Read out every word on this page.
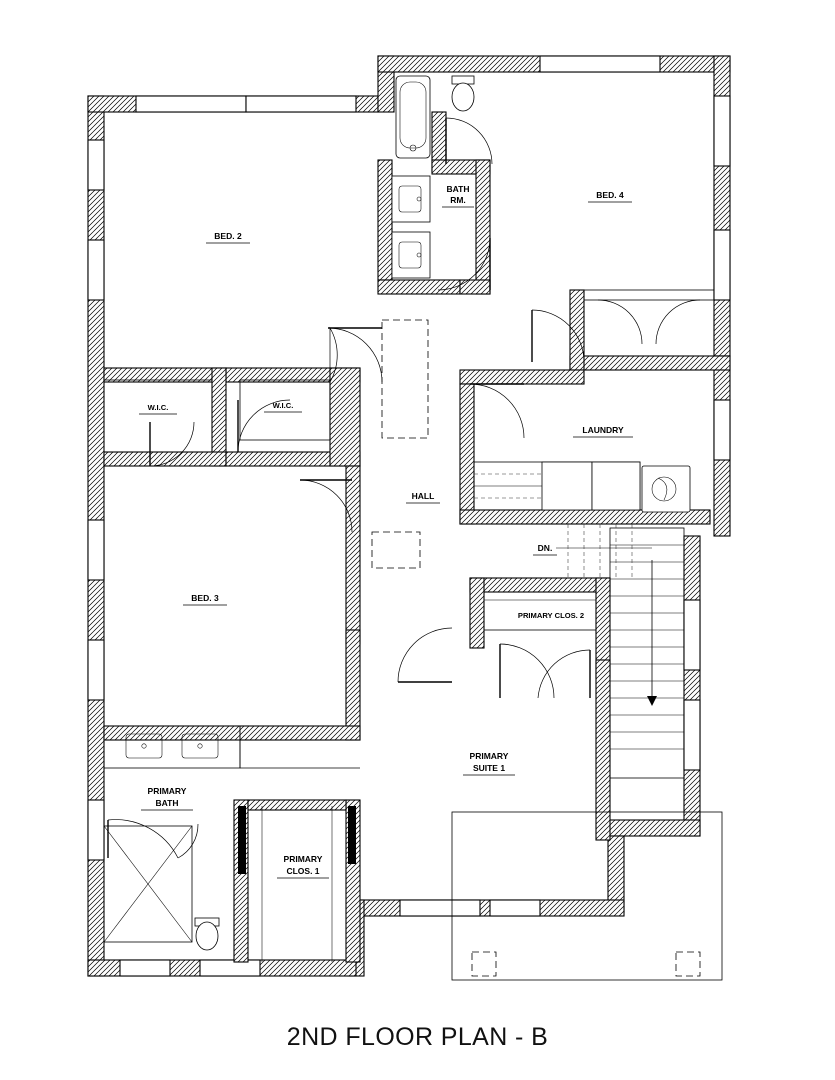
BED. 2
BED. 4
BED. 3
BATH
RM.
W.I.C.	W.I.C.
HALL
LAUNDRY
DN.
PRIMARY CLOS. 2
PRIMARY
SUITE 1
PRIMARY
BATH
PRIMARY
CLOS. 1
2ND FLOOR PLAN - B
